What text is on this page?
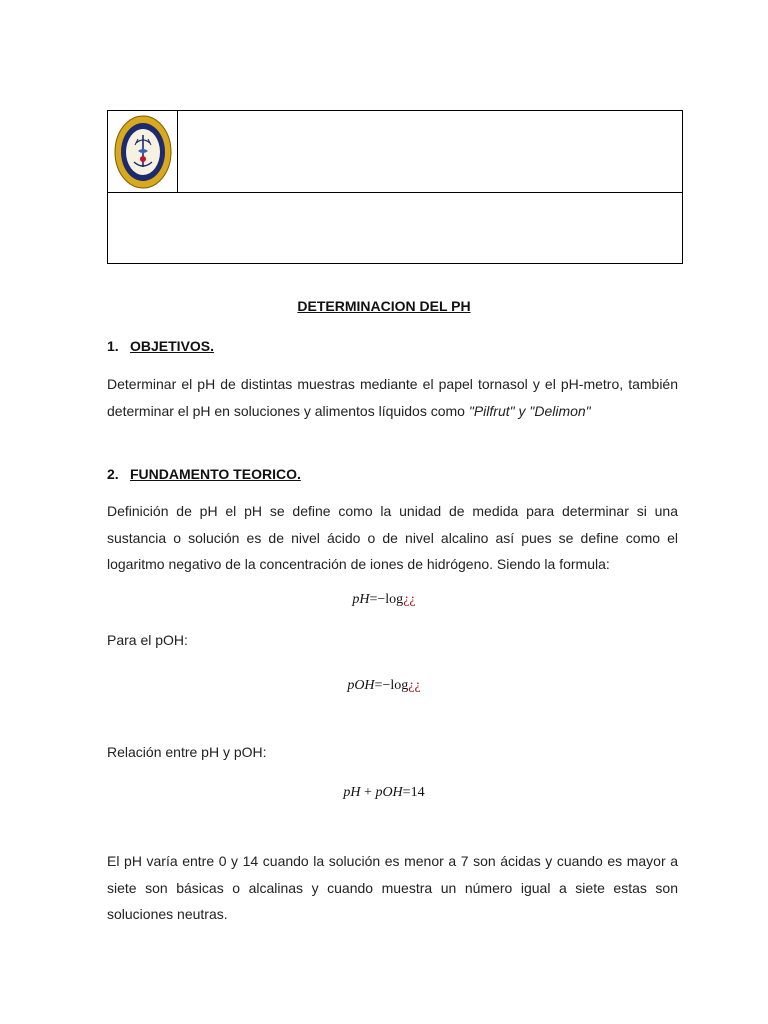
DETERMINACION DEL PH

1. OBJETIVOS.

Determinar el pH de distintas muestras mediante el papel tornasol y el pH-metro, también determinar el pH en soluciones y alimentos líquidos como "Pilfrut" y "Delimon"

2. FUNDAMENTO TEORICO.

Definición de pH el pH se define como la unidad de medida para determinar si una sustancia o solución es de nivel ácido o de nivel alcalino así pues se define como el logaritmo negativo de la concentración de iones de hidrógeno. Siendo la formula:

pH=−log¿¿

Para el pOH:

pOH=−log¿¿

Relación entre pH y pOH:

pH + pOH=14

El pH varía entre 0 y 14 cuando la solución es menor a 7 son ácidas y cuando es mayor a siete son básicas o alcalinas y cuando muestra un número igual a siete estas son soluciones neutras.
